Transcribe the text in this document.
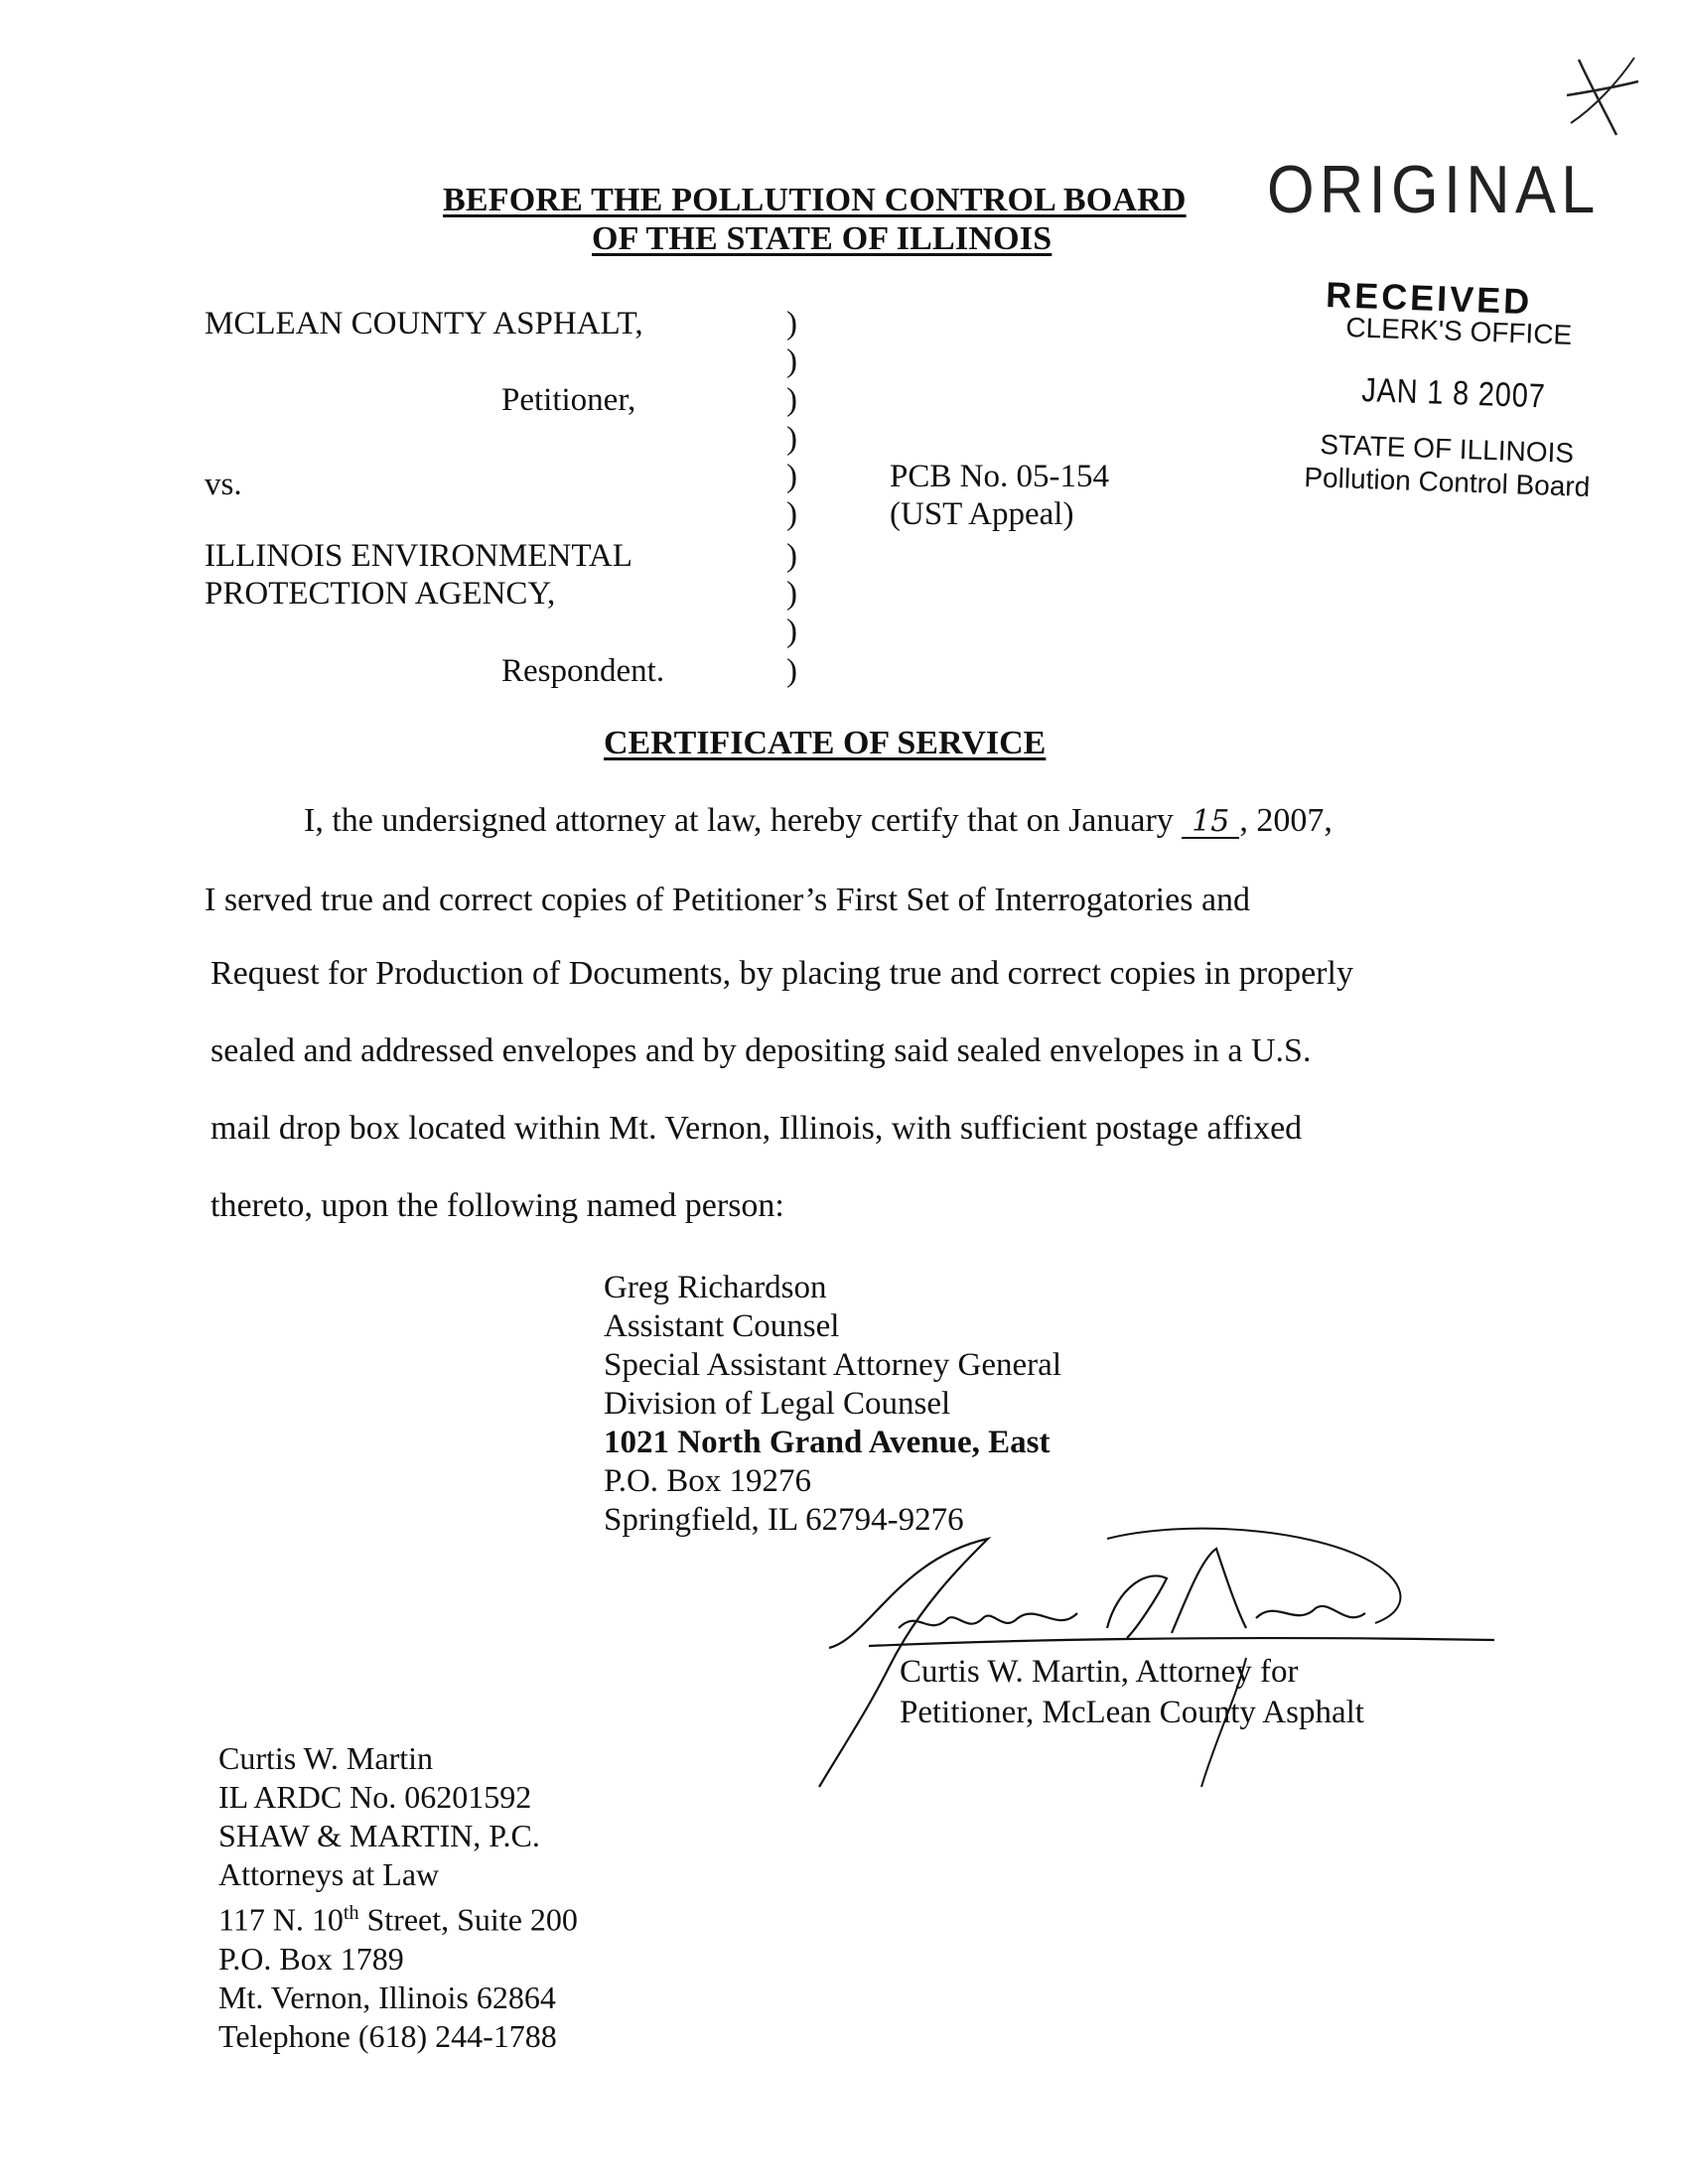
ORIGINAL
BEFORE THE POLLUTION CONTROL BOARD
OF THE STATE OF ILLINOIS
RECEIVED
CLERK'S OFFICE
JAN 1 8 2007
STATE OF ILLINOIS
Pollution Control Board
MCLEAN COUNTY ASPHALT,
Petitioner,
vs.
ILLINOIS ENVIRONMENTAL
PROTECTION AGENCY,
Respondent.
)
)
)
)
)
)
)
)
)
)
PCB No. 05-154
(UST Appeal)
CERTIFICATE OF SERVICE
I, the undersigned attorney at law, hereby certify that on January 15 , 2007,
I served true and correct copies of Petitioner’s First Set of Interrogatories and
Request for Production of Documents, by placing true and correct copies in properly
sealed and addressed envelopes and by depositing said sealed envelopes in a U.S.
mail drop box located within Mt. Vernon, Illinois, with sufficient postage affixed
thereto, upon the following named person:
Greg Richardson
Assistant Counsel
Special Assistant Attorney General
Division of Legal Counsel
1021 North Grand Avenue, East
P.O. Box 19276
Springfield, IL 62794-9276
Curtis W. Martin, Attorney for
Petitioner, McLean County Asphalt
Curtis W. Martin
IL ARDC No. 06201592
SHAW & MARTIN, P.C.
Attorneys at Law
117 N. 10th Street, Suite 200
P.O. Box 1789
Mt. Vernon, Illinois 62864
Telephone (618) 244-1788
